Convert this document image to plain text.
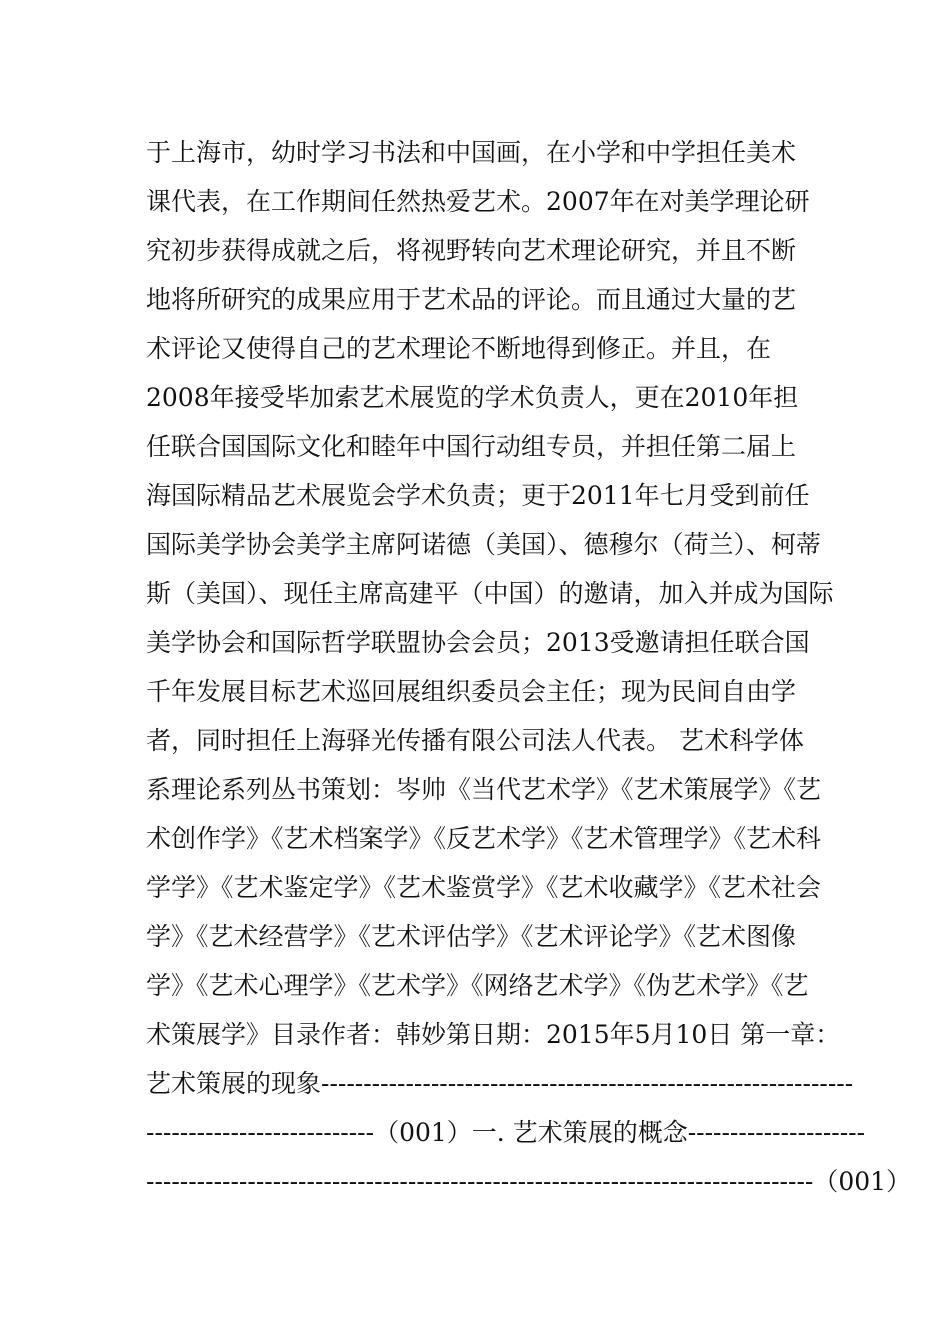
于上海市，幼时学习书法和中国画，在小学和中学担任美术
课代表，在工作期间任然热爱艺术。2007年在对美学理论研
究初步获得成就之后，将视野转向艺术理论研究，并且不断
地将所研究的成果应用于艺术品的评论。而且通过大量的艺
术评论又使得自己的艺术理论不断地得到修正。并且，在
2008年接受毕加索艺术展览的学术负责人，更在2010年担
任联合国国际文化和睦年中国行动组专员，并担任第二届上
海国际精品艺术展览会学术负责；更于2011年七月受到前任
国际美学协会美学主席阿诺德（美国）、德穆尔（荷兰）、柯蒂
斯（美国）、现任主席高建平（中国）的邀请，加入并成为国际
美学协会和国际哲学联盟协会会员；2013受邀请担任联合国
千年发展目标艺术巡回展组织委员会主任；现为民间自由学
者，同时担任上海驿光传播有限公司法人代表。 艺术科学体
系理论系列丛书策划：岑帅《当代艺术学》《艺术策展学》《艺
术创作学》《艺术档案学》《反艺术学》《艺术管理学》《艺术科
学学》《艺术鉴定学》《艺术鉴赏学》《艺术收藏学》《艺术社会
学》《艺术经营学》《艺术评估学》《艺术评论学》《艺术图像
学》《艺术心理学》《艺术学》《网络艺术学》《伪艺术学》《艺
术策展学》目录作者：韩妙第日期：2015年5月10日 第一章：
艺术策展的现象---------------------------------------------------------------
---------------------------（001）一. 艺术策展的概念---------------------
-------------------------------------------------------------------------------（001）
